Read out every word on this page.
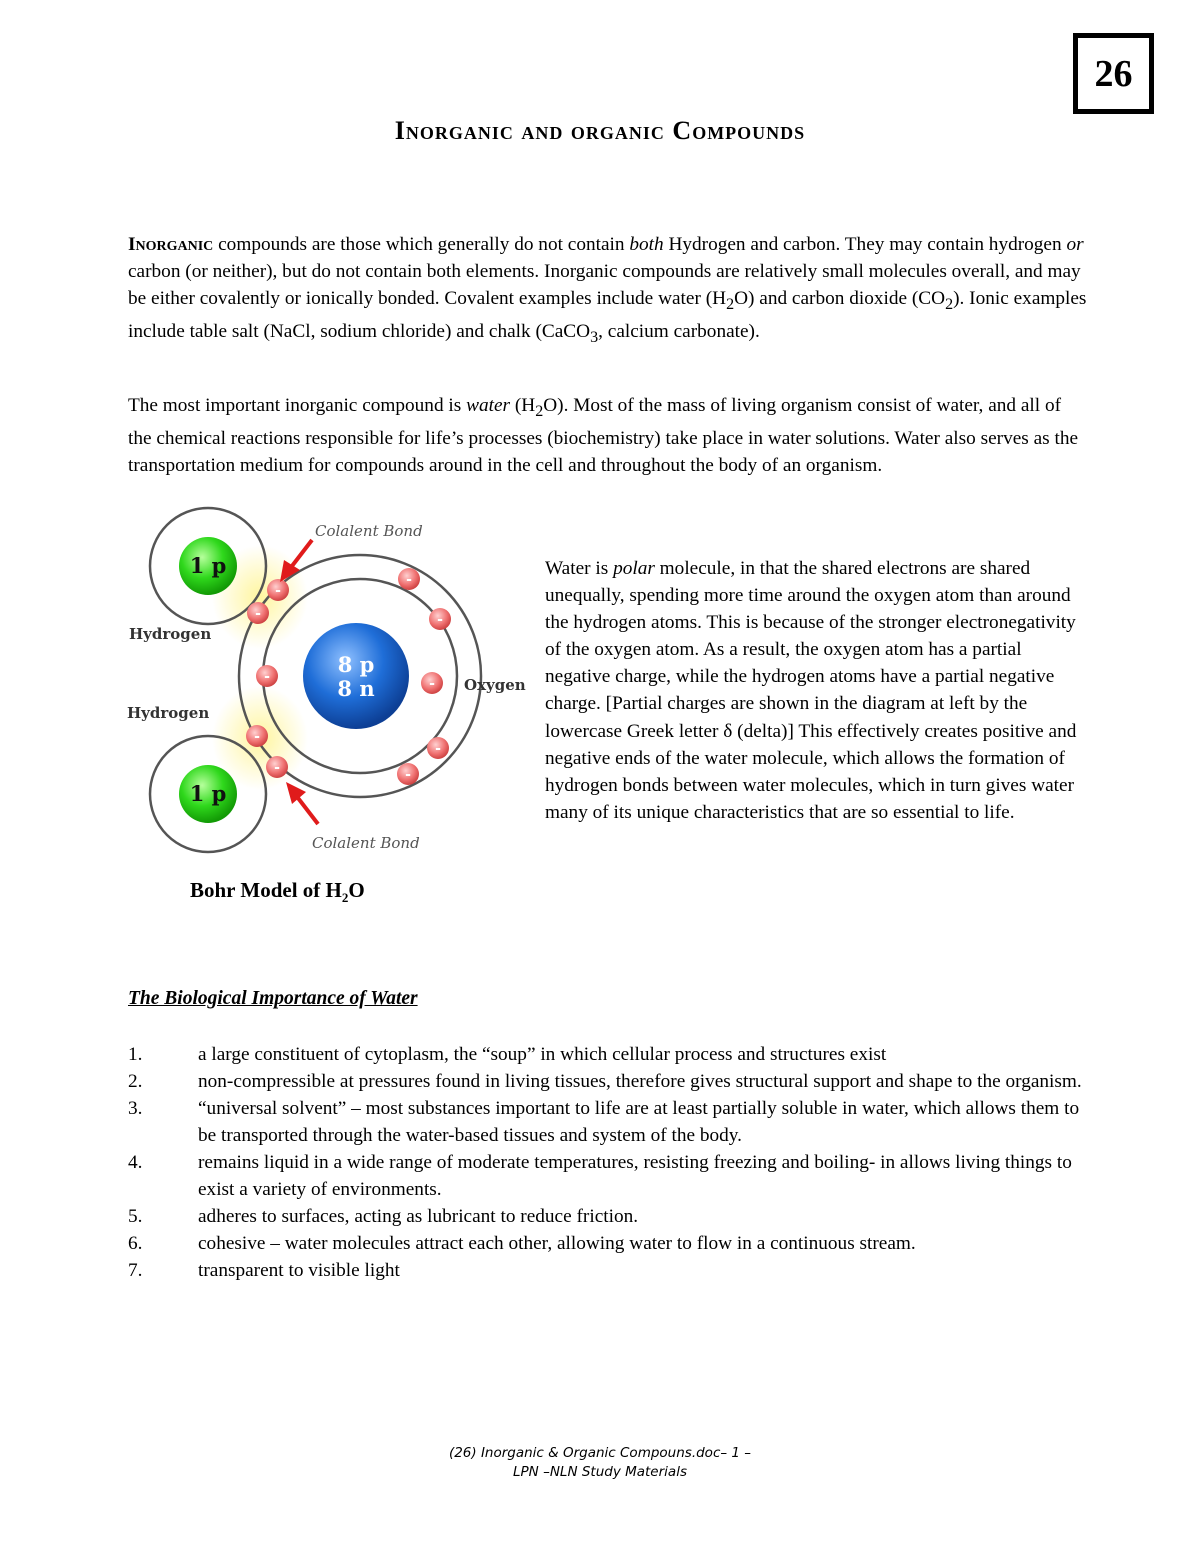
26
Inorganic and organic Compounds

Inorganic compounds are those which generally do not contain both Hydrogen and carbon. They may contain hydrogen or carbon (or neither), but do not contain both elements. Inorganic compounds are relatively small molecules overall, and may be either covalently or ionically bonded. Covalent examples include water $(H_2O)$ and carbon dioxide $(CO_2)$. Ionic examples include table salt (NaCl, sodium chloride) and chalk (CaCO$_3$, calcium carbonate).

The most important inorganic compound is water $(H_2O)$. Most of the mass of living organism consist of water, and all of the chemical reactions responsible for life’s processes (biochemistry) take place in water solutions. Water also serves as the transportation medium for compounds around in the cell and throughout the body of an organism.

1 p
1 p
8 p
8 n
-
-
-
-
-	-
-
-
-
-
Colalent Bond
Colalent Bond
Hydrogen
Hydrogen
Oxygen
Bohr Model of $H_2O$

Water is polar molecule, in that the shared electrons are shared unequally, spending more time around the oxygen atom than around the hydrogen atoms. This is because of the stronger electronegativity of the oxygen atom. As a result, the oxygen atom has a partial negative charge, while the hydrogen atoms have a partial negative charge. [Partial charges are shown in the diagram at left by the lowercase Greek letter δ (delta)] This effectively creates positive and negative ends of the water molecule, which allows the formation of hydrogen bonds between water molecules, which in turn gives water many of its unique characteristics that are so essential to life.

The Biological Importance of Water
1.	a large constituent of cytoplasm, the “soup” in which cellular process and structures exist
2.	non-compressible at pressures found in living tissues, therefore gives structural support and shape to the organism.
3.	“universal solvent” – most substances important to life are at least partially soluble in water, which allows them to be transported through the water-based tissues and system of the body.
4.	remains liquid in a wide range of moderate temperatures, resisting freezing and boiling- in allows living things to exist a variety of environments.
5.	adheres to surfaces, acting as lubricant to reduce friction.
6.	cohesive – water molecules attract each other, allowing water to flow in a continuous stream.
7.	transparent to visible light
(26) Inorganic & Organic Compouns.doc– 1 –
LPN –NLN Study Materials
